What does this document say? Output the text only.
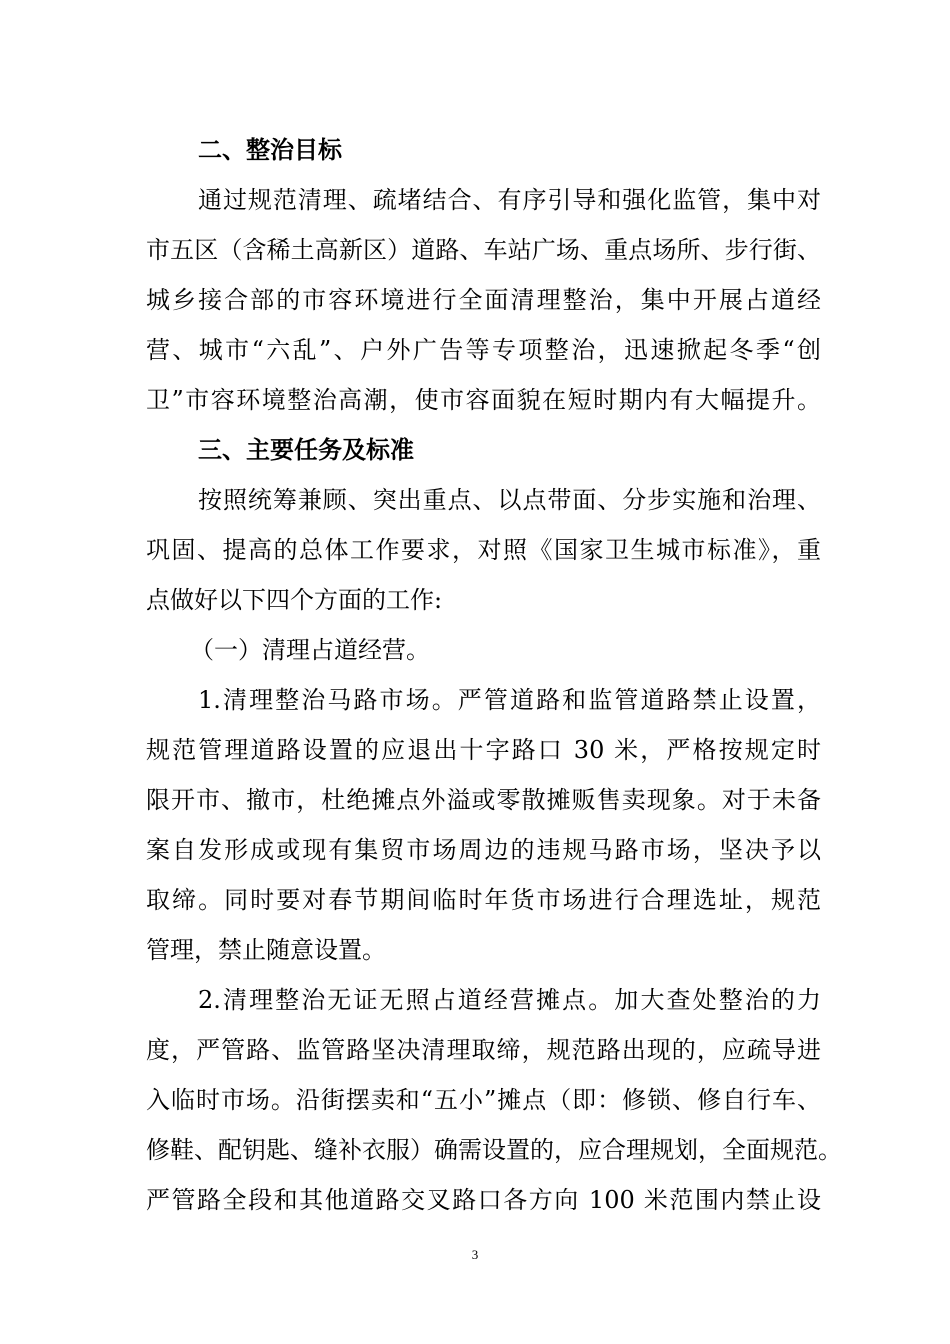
二、整治目标
通过规范清理、疏堵结合、有序引导和强化监管，集中对
市五区（含稀土高新区）道路、车站广场、重点场所、步行街、
城乡接合部的市容环境进行全面清理整治，集中开展占道经
营、城市“六乱”、户外广告等专项整治，迅速掀起冬季“创
卫”市容环境整治高潮，使市容面貌在短时期内有大幅提升。
三、主要任务及标准
按照统筹兼顾、突出重点、以点带面、分步实施和治理、
巩固、提高的总体工作要求，对照《国家卫生城市标准》，重
点做好以下四个方面的工作:
（一）清理占道经营。
1.清理整治马路市场。严管道路和监管道路禁止设置，
规范管理道路设置的应退出十字路口 30 米，严格按规定时
限开市、撤市，杜绝摊点外溢或零散摊贩售卖现象。对于未备
案自发形成或现有集贸市场周边的违规马路市场，坚决予以
取缔。同时要对春节期间临时年货市场进行合理选址，规范
管理，禁止随意设置。
2.清理整治无证无照占道经营摊点。加大查处整治的力
度，严管路、监管路坚决清理取缔，规范路出现的，应疏导进
入临时市场。沿街摆卖和“五小”摊点（即：修锁、修自行车、
修鞋、配钥匙、缝补衣服）确需设置的，应合理规划，全面规范。
严管路全段和其他道路交叉路口各方向 100 米范围内禁止设
3
